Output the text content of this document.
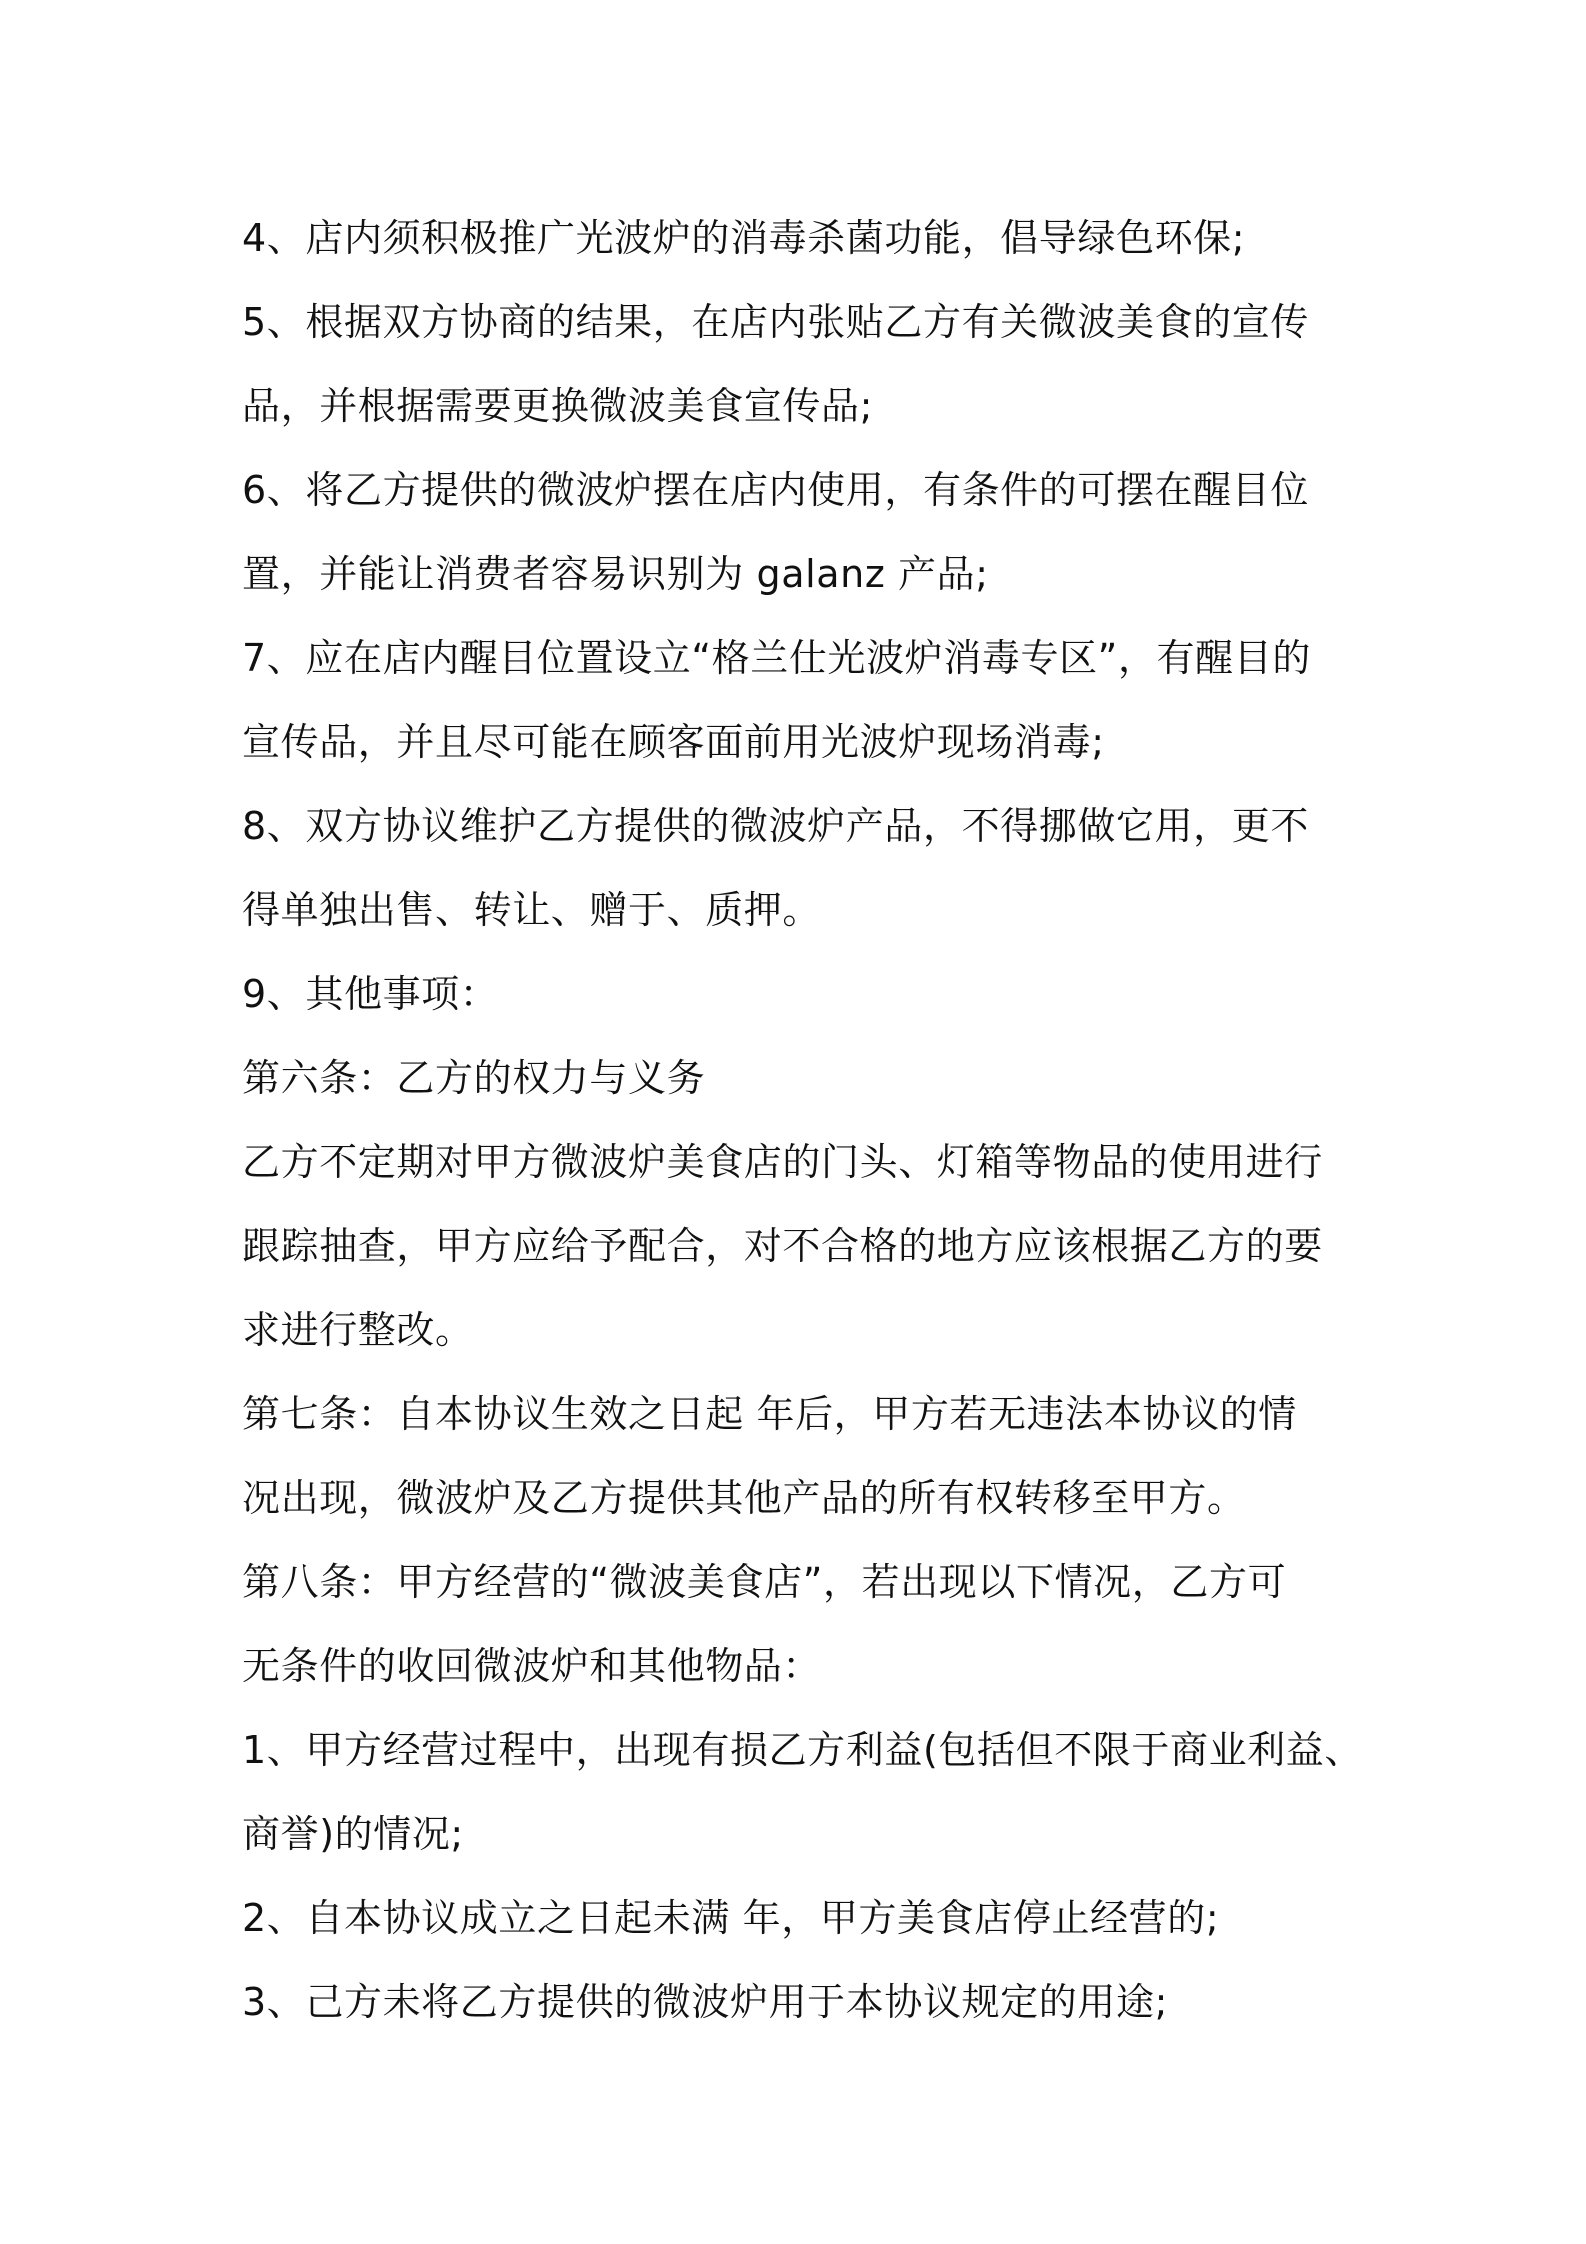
4、店内须积极推广光波炉的消毒杀菌功能，倡导绿色环保;
5、根据双方协商的结果，在店内张贴乙方有关微波美食的宣传
品，并根据需要更换微波美食宣传品;
6、将乙方提供的微波炉摆在店内使用，有条件的可摆在醒目位
置，并能让消费者容易识别为 galanz 产品;
7、应在店内醒目位置设立“格兰仕光波炉消毒专区”，有醒目的
宣传品，并且尽可能在顾客面前用光波炉现场消毒;
8、双方协议维护乙方提供的微波炉产品，不得挪做它用，更不
得单独出售、转让、赠于、质押。
9、其他事项：
第六条：乙方的权力与义务
乙方不定期对甲方微波炉美食店的门头、灯箱等物品的使用进行
跟踪抽查，甲方应给予配合，对不合格的地方应该根据乙方的要
求进行整改。
第七条：自本协议生效之日起 年后，甲方若无违法本协议的情
况出现，微波炉及乙方提供其他产品的所有权转移至甲方。
第八条：甲方经营的“微波美食店”，若出现以下情况，乙方可
无条件的收回微波炉和其他物品：
1、甲方经营过程中，出现有损乙方利益(包括但不限于商业利益、
商誉)的情况;
2、自本协议成立之日起未满 年，甲方美食店停止经营的;
3、己方未将乙方提供的微波炉用于本协议规定的用途;
